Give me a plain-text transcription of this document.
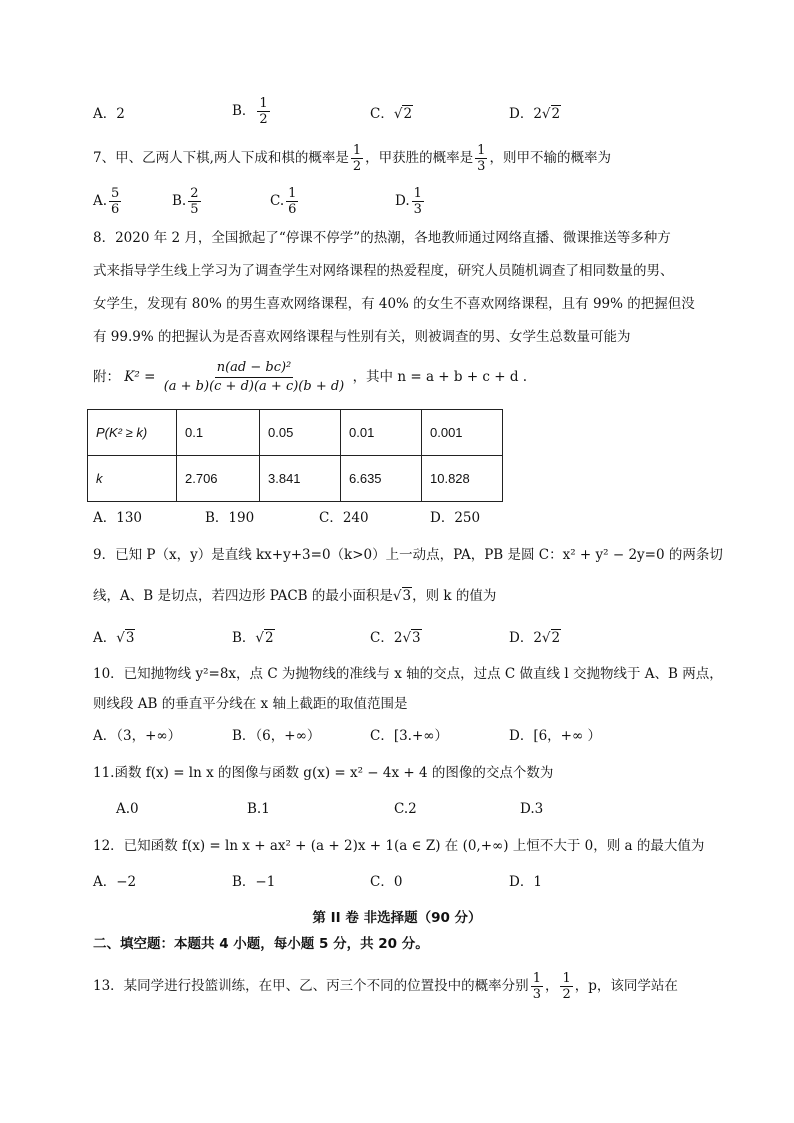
A．2	B． $\frac{1}{2}$	C．√2	D．2√2
7、甲、乙两人下棋,两人下成和棋的概率是 $\frac{1}{2}$ ，甲获胜的概率是 $\frac{1}{3}$ ，则甲不输的概率为
A. $\frac{5}{6}$	B. $\frac{2}{5}$	C. $\frac{1}{6}$	D. $\frac{1}{3}$
8．2020 年 2 月，全国掀起了“停课不停学”的热潮，各地教师通过网络直播、微课推送等多种方
式来指导学生线上学习为了调查学生对网络课程的热爱程度，研究人员随机调查了相同数量的男、
女学生，发现有 80% 的男生喜欢网络课程，有 40% 的女生不喜欢网络课程，且有 99% 的把握但没
有 99.9% 的把握认为是否喜欢网络课程与性别有关，则被调查的男、女学生总数量可能为
附： $K^2 = \frac{\text{n(ad − bc)²}}{(a + b)(c + d)(a + c)(b + d)}$ ，其中 n = a + b + c + d .
P(K² ≥ k)	0.1	0.05	0.01	0.001
k	2.706	3.841	6.635	10.828
A．130	B．190	C．240	D．250
9．已知 P（x，y）是直线 kx+y+3=0（k>0）上一动点，PA，PB 是圆 C：x² + y² − 2y=0 的两条切
线，A、B 是切点，若四边形 PACB 的最小面积是√3，则 k 的值为
A．√3	B．√2	C．2√3	D．2√2
10．已知抛物线 y²=8x，点 C 为抛物线的准线与 x 轴的交点，过点 C 做直线 l 交抛物线于 A、B 两点，
则线段 AB 的垂直平分线在 x 轴上截距的取值范围是
A．（3，+∞）	B．（6，+∞）	C．[3.+∞）	D．[6，+∞ ）
11.函数 f(x) = ln x 的图像与函数 g(x) = x² − 4x + 4 的图像的交点个数为
A.0	B.1	C.2	D.3
12．已知函数 f(x) = ln x + ax² + (a + 2)x + 1(a ∈ Z) 在 (0,+∞) 上恒不大于 0，则 a 的最大值为
A．−2	B．−1	C．0	D．1
第 II 卷 非选择题（90 分）
二、填空题：本题共 4 小题，每小题 5 分，共 20 分。
13．某同学进行投篮训练，在甲、乙、丙三个不同的位置投中的概率分别 $\frac{1}{3}$ ， $\frac{1}{2}$ ，p，该同学站在
